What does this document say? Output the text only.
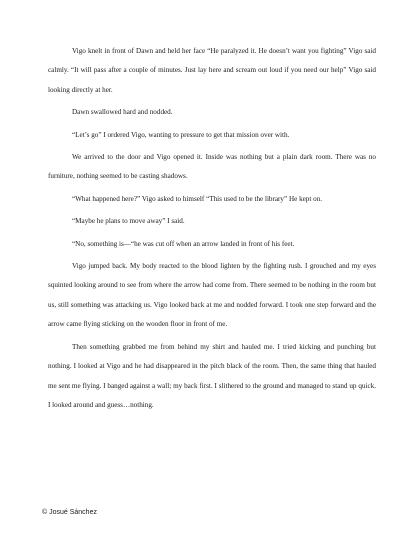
Vigo knelt in front of Dawn and held her face “He paralyzed it. He doesn’t want you fighting” Vigo said calmly. “It will pass after a couple of minutes. Just lay here and scream out loud if you need our help” Vigo said looking directly at her.

Dawn swallowed hard and nodded.

“Let’s go” I ordered Vigo, wanting to pressure to get that mission over with.

We arrived to the door and Vigo opened it. Inside was nothing but a plain dark room. There was no furniture, nothing seemed to be casting shadows.

“What happened here?” Vigo asked to himself “This used to be the library” He kept on.

“Maybe he plans to move away” I said.

“No, something is—“he was cut off when an arrow landed in front of his feet.

Vigo jumped back. My body reacted to the blood lighten by the fighting rush. I grouched and my eyes squinted looking around to see from where the arrow had come from. There seemed to be nothing in the room but us, still something was attacking us. Vigo looked back at me and nodded forward. I took one step forward and the arrow came flying sticking on the wooden floor in front of me.

Then something grabbed me from behind my shirt and hauled me. I tried kicking and punching but nothing. I looked at Vigo and he had disappeared in the pitch black of the room. Then, the same thing that hauled me sent me flying. I banged against a wall; my back first. I slithered to the ground and managed to stand up quick. I looked around and guess…nothing.

© Josué Sánchez
